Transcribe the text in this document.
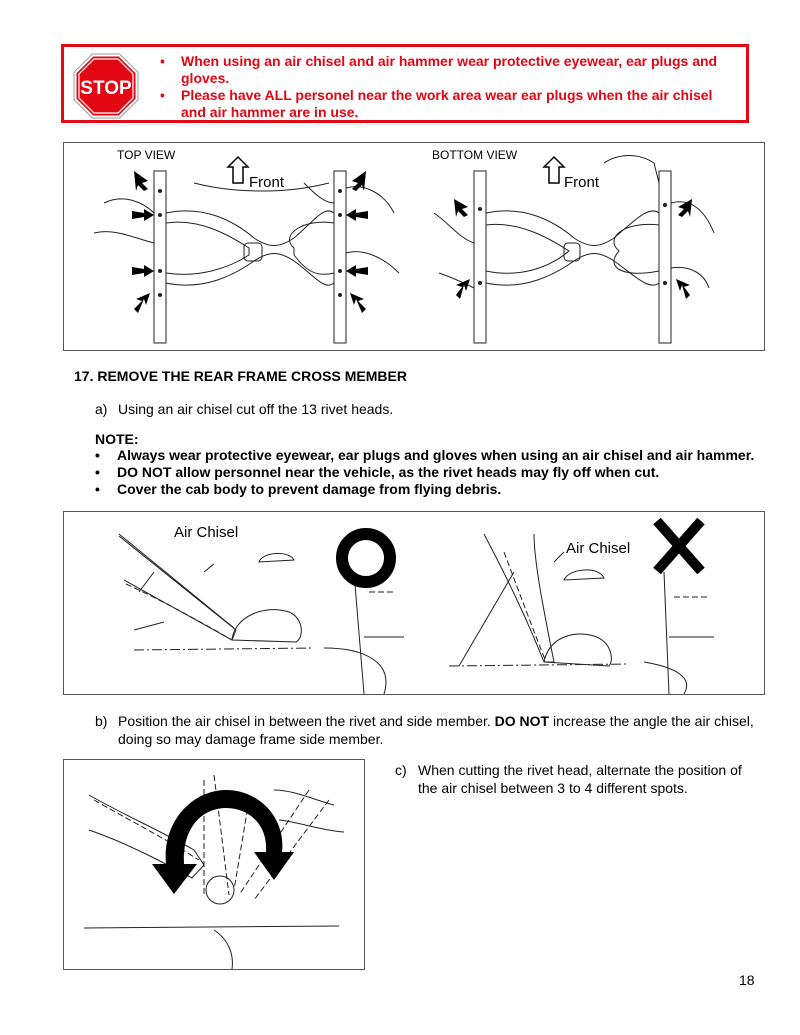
STOP
• When using an air chisel and air hammer wear protective eyewear, ear plugs and gloves.
• Please have ALL personel near the work area wear ear plugs when the air chisel and air hammer are in use.
TOP VIEW	BOTTOM VIEW
Front	Front
17. REMOVE THE REAR FRAME CROSS MEMBER
a) Using an air chisel cut off the 13 rivet heads.
NOTE:
• Always wear protective eyewear, ear plugs and gloves when using an air chisel and air hammer.
• DO NOT allow personnel near the vehicle, as the rivet heads may fly off when cut.
• Cover the cab body to prevent damage from flying debris.
Air Chisel
Air Chisel
b) Position the air chisel in between the rivet and side member. DO NOT increase the angle the air chisel,
doing so may damage frame side member.
c) When cutting the rivet head, alternate the position of
the air chisel between 3 to 4 different spots.
18
